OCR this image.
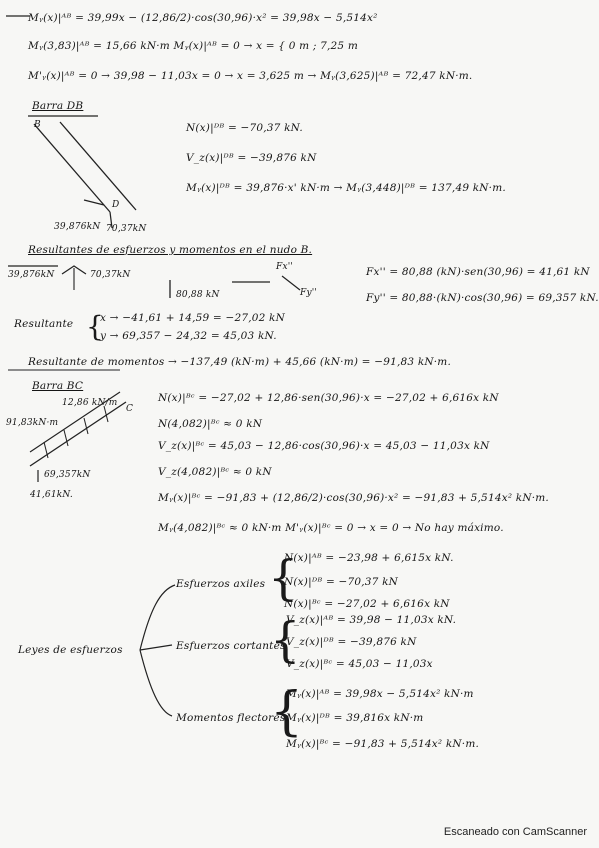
Mᵧ(x)|ᴬᴮ = 39,99x − (12,86/2)·cos(30,96)·x² = 39,98x − 5,514x²
Mᵧ(3,83)|ᴬᴮ = 15,66 kN·m Mᵧ(x)|ᴬᴮ = 0 → x = { 0 m ; 7,25 m
M'ᵧ(x)|ᴬᴮ = 0 → 39,98 − 11,03x = 0 → x = 3,625 m → Mᵧ(3,625)|ᴬᴮ = 72,47 kN·m.
Barra DB
N(x)|ᴰᴮ = −70,37 kN.
V_z(x)|ᴰᴮ = −39,876 kN
Mᵧ(x)|ᴰᴮ = 39,876·x' kN·m → Mᵧ(3,448)|ᴰᴮ = 137,49 kN·m.
B
D
39,876kN 70,37kN
Resultantes de esfuerzos y momentos en el nudo B.
39,876kN	70,37kN
80,88 kN
Fx''
Fy''
Fx'' = 80,88 (kN)·sen(30,96) = 41,61 kN
Fy'' = 80,88·(kN)·cos(30,96) = 69,357 kN.
Resultante {
x → −41,61 + 14,59 = −27,02 kN
y → 69,357 − 24,32 = 45,03 kN.
Resultante de momentos → −137,49 (kN·m) + 45,66 (kN·m) = −91,83 kN·m.
Barra BC
N(x)|ᴮᶜ = −27,02 + 12,86·sen(30,96)·x = −27,02 + 6,616x kN
N(4,082)|ᴮᶜ ≈ 0 kN
V_z(x)|ᴮᶜ = 45,03 − 12,86·cos(30,96)·x = 45,03 − 11,03x kN
V_z(4,082)|ᴮᶜ ≈ 0 kN
Mᵧ(x)|ᴮᶜ = −91,83 + (12,86/2)·cos(30,96)·x² = −91,83 + 5,514x² kN·m.
Mᵧ(4,082)|ᴮᶜ ≈ 0 kN·m M'ᵧ(x)|ᴮᶜ = 0 → x = 0 → No hay máximo.
12,86 kN/m
69,357kN
41,61kN.
91,83kN·m
C
Leyes de esfuerzos
Esfuerzos axiles {
N(x)|ᴬᴮ = −23,98 + 6,615x kN.
N(x)|ᴰᴮ = −70,37 kN
N(x)|ᴮᶜ = −27,02 + 6,616x kN
Esfuerzos cortantes
{
V_z(x)|ᴬᴮ = 39,98 − 11,03x kN.
V_z(x)|ᴰᴮ = −39,876 kN
V_z(x)|ᴮᶜ = 45,03 − 11,03x
Momentos flectores
{
Mᵧ(x)|ᴬᴮ = 39,98x − 5,514x² kN·m
Mᵧ(x)|ᴰᴮ = 39,816x kN·m
Mᵧ(x)|ᴮᶜ = −91,83 + 5,514x² kN·m.
Escaneado con CamScanner
